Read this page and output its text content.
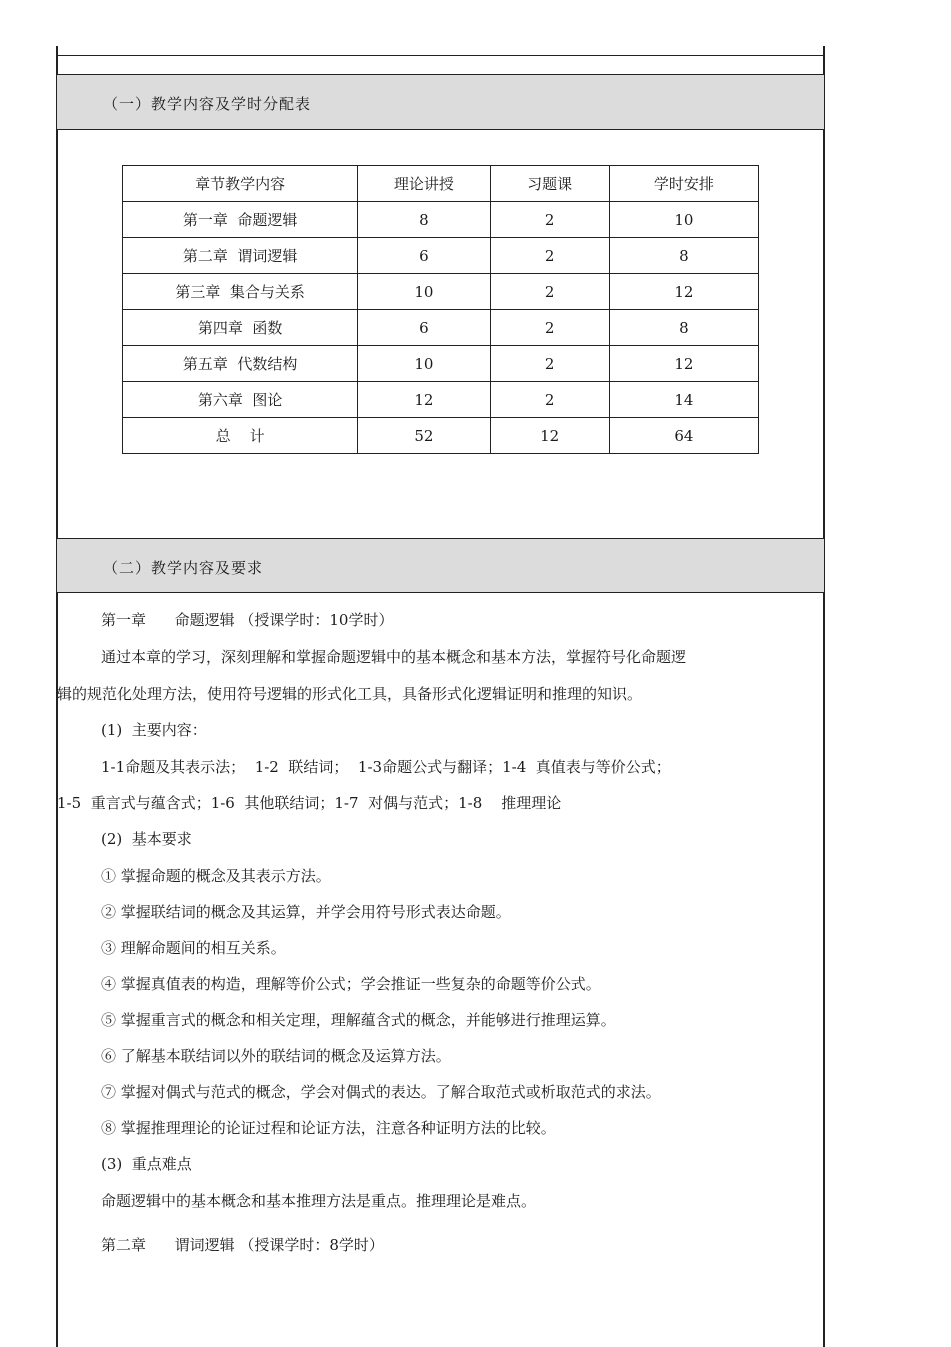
（一）教学内容及学时分配表
章节教学内容	理论讲授	习题课	学时安排
第一章  命题逻辑	8	2	10
第二章  谓词逻辑	6	2	8
第三章  集合与关系	10	2	12
第四章  函数	6	2	8
第五章  代数结构	10	2	12
第六章  图论	12	2	14
总    计	52	12	64
（二）教学内容及要求
第一章      命题逻辑 （授课学时：10学时）
通过本章的学习，深刻理解和掌握命题逻辑中的基本概念和基本方法，掌握符号化命题逻
辑的规范化处理方法，使用符号逻辑的形式化工具，具备形式化逻辑证明和推理的知识。
(1)  主要内容：
1-1命题及其表示法；  1-2  联结词；  1-3命题公式与翻译；1-4  真值表与等价公式；
1-5  重言式与蕴含式；1-6  其他联结词；1-7  对偶与范式；1-8    推理理论
(2)  基本要求
① 掌握命题的概念及其表示方法。
② 掌握联结词的概念及其运算，并学会用符号形式表达命题。
③ 理解命题间的相互关系。
④ 掌握真值表的构造，理解等价公式；学会推证一些复杂的命题等价公式。
⑤ 掌握重言式的概念和相关定理，理解蕴含式的概念，并能够进行推理运算。
⑥ 了解基本联结词以外的联结词的概念及运算方法。
⑦ 掌握对偶式与范式的概念，学会对偶式的表达。了解合取范式或析取范式的求法。
⑧ 掌握推理理论的论证过程和论证方法，注意各种证明方法的比较。
(3)  重点难点
命题逻辑中的基本概念和基本推理方法是重点。推理理论是难点。
第二章      谓词逻辑 （授课学时：8学时）
